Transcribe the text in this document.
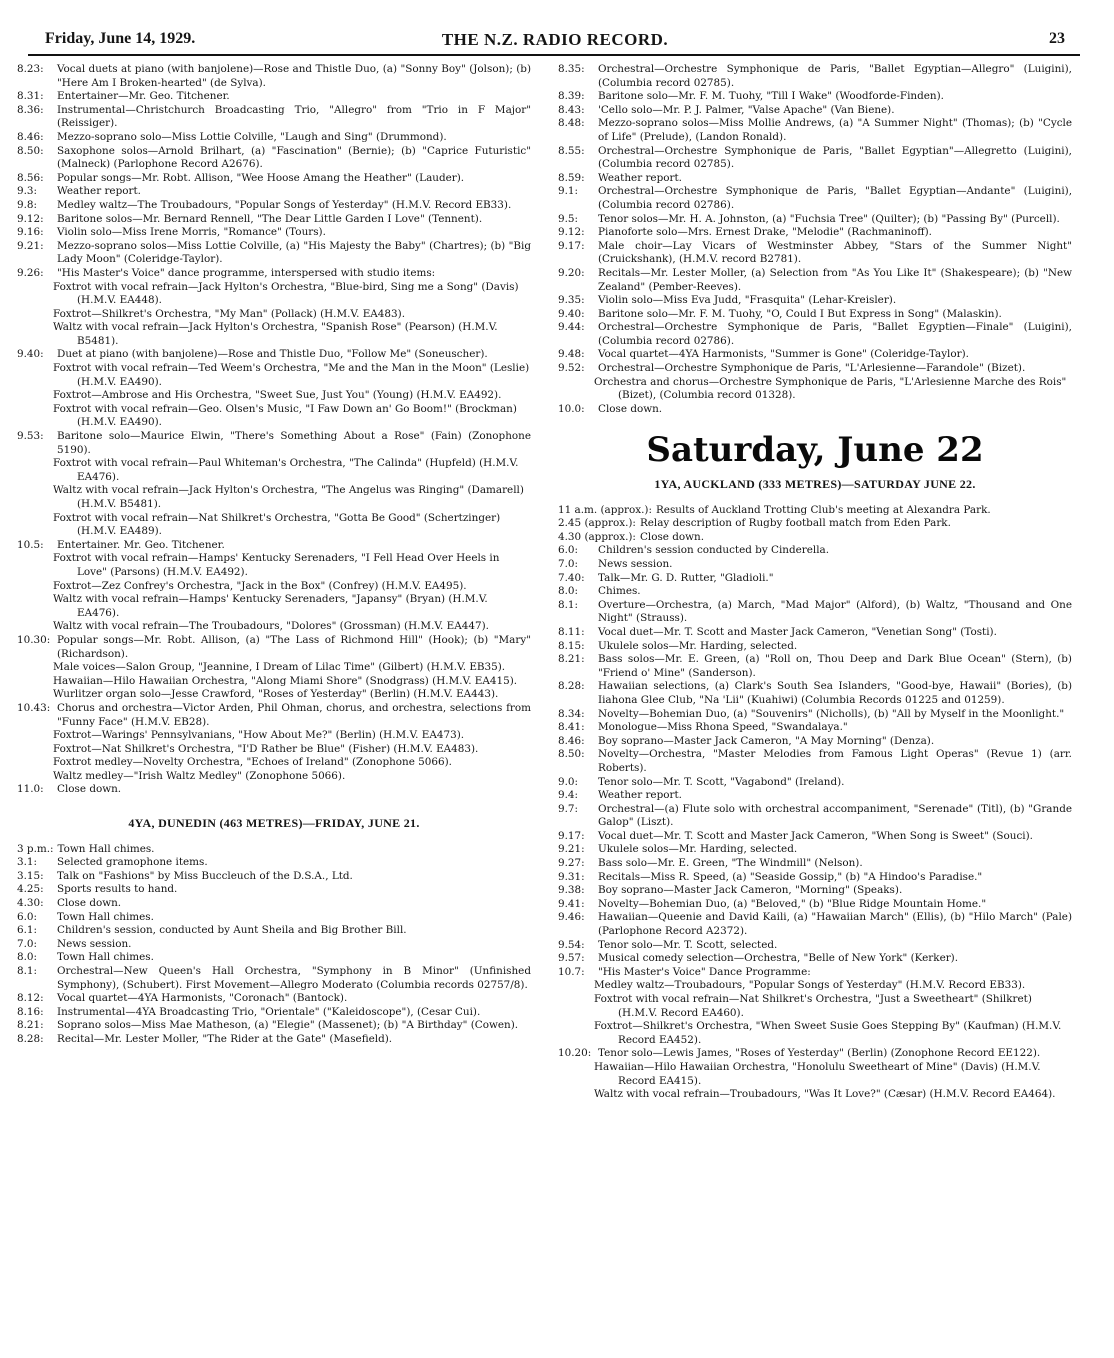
Friday, June 14, 1929.	THE N.Z. RADIO RECORD.	23
8.23:	Vocal duets at piano (with banjolene)—Rose and Thistle Duo, (a) "Sonny Boy" (Jolson); (b) "Here Am I Broken-hearted" (de Sylva).
8.31:	Entertainer—Mr. Geo. Titchener.
8.36:	Instrumental—Christchurch Broadcasting Trio, "Allegro" from "Trio in F Major" (Reissiger).
8.46:	Mezzo-soprano solo—Miss Lottie Colville, "Laugh and Sing" (Drummond).
8.50:	Saxophone solos—Arnold Brilhart, (a) "Fascination" (Bernie); (b) "Caprice Futuristic" (Malneck) (Parlophone Record A2676).
8.56:	Popular songs—Mr. Robt. Allison, "Wee Hoose Amang the Heather" (Lauder).
9.3:	Weather report.
9.8:	Medley waltz—The Troubadours, "Popular Songs of Yesterday" (H.M.V. Record EB33).
9.12:	Baritone solos—Mr. Bernard Rennell, "The Dear Little Garden I Love" (Tennent).
9.16:	Violin solo—Miss Irene Morris, "Romance" (Tours).
9.21:	Mezzo-soprano solos—Miss Lottie Colville, (a) "His Majesty the Baby" (Chartres); (b) "Big Lady Moon" (Coleridge-Taylor).
9.26:	"His Master's Voice" dance programme, interspersed with studio items:
Foxtrot with vocal refrain—Jack Hylton's Orchestra, "Blue-bird, Sing me a Song" (Davis) (H.M.V. EA448).
Foxtrot—Shilkret's Orchestra, "My Man" (Pollack) (H.M.V. EA483).
Waltz with vocal refrain—Jack Hylton's Orchestra, "Spanish Rose" (Pearson) (H.M.V. B5481).
9.40:	Duet at piano (with banjolene)—Rose and Thistle Duo, "Follow Me" (Soneuscher).
Foxtrot with vocal refrain—Ted Weem's Orchestra, "Me and the Man in the Moon" (Leslie) (H.M.V. EA490).
Foxtrot—Ambrose and His Orchestra, "Sweet Sue, Just You" (Young) (H.M.V. EA492).
Foxtrot with vocal refrain—Geo. Olsen's Music, "I Faw Down an' Go Boom!" (Brockman) (H.M.V. EA490).
9.53:	Baritone solo—Maurice Elwin, "There's Something About a Rose" (Fain) (Zonophone 5190).
Foxtrot with vocal refrain—Paul Whiteman's Orchestra, "The Calinda" (Hupfeld) (H.M.V. EA476).
Waltz with vocal refrain—Jack Hylton's Orchestra, "The Angelus was Ringing" (Damarell) (H.M.V. B5481).
Foxtrot with vocal refrain—Nat Shilkret's Orchestra, "Gotta Be Good" (Schertzinger) (H.M.V. EA489).
10.5:	Entertainer. Mr. Geo. Titchener.
Foxtrot with vocal refrain—Hamps' Kentucky Serenaders, "I Fell Head Over Heels in Love" (Parsons) (H.M.V. EA492).
Foxtrot—Zez Confrey's Orchestra, "Jack in the Box" (Confrey) (H.M.V. EA495).
Waltz with vocal refrain—Hamps' Kentucky Serenaders, "Japansy" (Bryan) (H.M.V. EA476).
Waltz with vocal refrain—The Troubadours, "Dolores" (Grossman) (H.M.V. EA447).
10.30: Popular songs—Mr. Robt. Allison, (a) "The Lass of Richmond Hill" (Hook); (b) "Mary" (Richardson).
Male voices—Salon Group, "Jeannine, I Dream of Lilac Time" (Gilbert) (H.M.V. EB35).
Hawaiian—Hilo Hawaiian Orchestra, "Along Miami Shore" (Snodgrass) (H.M.V. EA415).
Wurlitzer organ solo—Jesse Crawford, "Roses of Yesterday" (Berlin) (H.M.V. EA443).
10.43: Chorus and orchestra—Victor Arden, Phil Ohman, chorus, and orchestra, selections from "Funny Face" (H.M.V. EB28).
Foxtrot—Warings' Pennsylvanians, "How About Me?" (Berlin) (H.M.V. EA473).
Foxtrot—Nat Shilkret's Orchestra, "I'D Rather be Blue" (Fisher) (H.M.V. EA483).
Foxtrot medley—Novelty Orchestra, "Echoes of Ireland" (Zonophone 5066).
Waltz medley—"Irish Waltz Medley" (Zonophone 5066).
11.0:	Close down.
4YA, DUNEDIN (463 METRES)—FRIDAY, JUNE 21.
3 p.m.: Town Hall chimes.
3.1:	Selected gramophone items.
3.15:	Talk on "Fashions" by Miss Buccleuch of the D.S.A., Ltd.
4.25:	Sports results to hand.
4.30:	Close down.
6.0:	Town Hall chimes.
6.1:	Children's session, conducted by Aunt Sheila and Big Brother Bill.
7.0:	News session.
8.0:	Town Hall chimes.
8.1:	Orchestral—New Queen's Hall Orchestra, "Symphony in B Minor" (Unfinished Symphony), (Schubert). First Movement—Allegro Moderato (Columbia records 02757/8).
8.12:	Vocal quartet—4YA Harmonists, "Coronach" (Bantock).
8.16:	Instrumental—4YA Broadcasting Trio, "Orientale" ("Kaleidoscope"), (Cesar Cui).
8.21:	Soprano solos—Miss Mae Matheson, (a) "Elegie" (Massenet); (b) "A Birthday" (Cowen).
8.28:	Recital—Mr. Lester Moller, "The Rider at the Gate" (Masefield).
8.35:	Orchestral—Orchestre Symphonique de Paris, "Ballet Egyptian—Allegro" (Luigini), (Columbia record 02785).
8.39:	Baritone solo—Mr. F. M. Tuohy, "Till I Wake" (Woodforde-Finden).
8.43:	'Cello solo—Mr. P. J. Palmer, "Valse Apache" (Van Biene).
8.48:	Mezzo-soprano solos—Miss Mollie Andrews, (a) "A Summer Night" (Thomas); (b) "Cycle of Life" (Prelude), (Landon Ronald).
8.55:	Orchestral—Orchestre Symphonique de Paris, "Ballet Egyptian"—Allegretto (Luigini), (Columbia record 02785).
8.59:	Weather report.
9.1:	Orchestral—Orchestre Symphonique de Paris, "Ballet Egyptian—Andante" (Luigini), (Columbia record 02786).
9.5:	Tenor solos—Mr. H. A. Johnston, (a) "Fuchsia Tree" (Quilter); (b) "Passing By" (Purcell).
9.12:	Pianoforte solo—Mrs. Ernest Drake, "Melodie" (Rachmaninoff).
9.17:	Male choir—Lay Vicars of Westminster Abbey, "Stars of the Summer Night" (Cruickshank), (H.M.V. record B2781).
9.20:	Recitals—Mr. Lester Moller, (a) Selection from "As You Like It" (Shakespeare); (b) "New Zealand" (Pember-Reeves).
9.35:	Violin solo—Miss Eva Judd, "Frasquita" (Lehar-Kreisler).
9.40:	Baritone solo—Mr. F. M. Tuohy, "O, Could I But Express in Song" (Malaskin).
9.44:	Orchestral—Orchestre Symphonique de Paris, "Ballet Egyptien—Finale" (Luigini), (Columbia record 02786).
9.48:	Vocal quartet—4YA Harmonists, "Summer is Gone" (Coleridge-Taylor).
9.52:	Orchestral—Orchestre Symphonique de Paris, "L'Arlesienne—Farandole" (Bizet).
Orchestra and chorus—Orchestre Symphonique de Paris, "L'Arlesienne Marche des Rois" (Bizet), (Columbia record 01328).
10.0:	Close down.
Saturday, June 22
1YA, AUCKLAND (333 METRES)—SATURDAY JUNE 22.
11 a.m. (approx.): Results of Auckland Trotting Club's meeting at Alexandra Park.
2.45 (approx.): Relay description of Rugby football match from Eden Park.
4.30 (approx.): Close down.
6.0:	Children's session conducted by Cinderella.
7.0:	News session.
7.40:	Talk—Mr. G. D. Rutter, "Gladioli."
8.0:	Chimes.
8.1:	Overture—Orchestra, (a) March, "Mad Major" (Alford), (b) Waltz, "Thousand and One Night" (Strauss).
8.11:	Vocal duet—Mr. T. Scott and Master Jack Cameron, "Venetian Song" (Tosti).
8.15:	Ukulele solos—Mr. Harding, selected.
8.21:	Bass solos—Mr. E. Green, (a) "Roll on, Thou Deep and Dark Blue Ocean" (Stern), (b) "Friend o' Mine" (Sanderson).
8.28:	Hawaiian selections, (a) Clark's South Sea Islanders, "Good-bye, Hawaii" (Bories), (b) Iiahona Glee Club, "Na 'Lii" (Kuahiwi) (Columbia Records 01225 and 01259).
8.34:	Novelty—Bohemian Duo, (a) "Souvenirs" (Nicholls), (b) "All by Myself in the Moonlight."
8.41:	Monologue—Miss Rhona Speed, "Swandalaya."
8.46:	Boy soprano—Master Jack Cameron, "A May Morning" (Denza).
8.50:	Novelty—Orchestra, "Master Melodies from Famous Light Operas" (Revue 1) (arr. Roberts).
9.0:	Tenor solo—Mr. T. Scott, "Vagabond" (Ireland).
9.4:	Weather report.
9.7:	Orchestral—(a) Flute solo with orchestral accompaniment, "Serenade" (Titl), (b) "Grande Galop" (Liszt).
9.17:	Vocal duet—Mr. T. Scott and Master Jack Cameron, "When Song is Sweet" (Souci).
9.21:	Ukulele solos—Mr. Harding, selected.
9.27:	Bass solo—Mr. E. Green, "The Windmill" (Nelson).
9.31:	Recitals—Miss R. Speed, (a) "Seaside Gossip," (b) "A Hindoo's Paradise."
9.38:	Boy soprano—Master Jack Cameron, "Morning" (Speaks).
9.41:	Novelty—Bohemian Duo, (a) "Beloved," (b) "Blue Ridge Mountain Home."
9.46:	Hawaiian—Queenie and David Kaili, (a) "Hawaiian March" (Ellis), (b) "Hilo March" (Pale) (Parlophone Record A2372).
9.54:	Tenor solo—Mr. T. Scott, selected.
9.57:	Musical comedy selection—Orchestra, "Belle of New York" (Kerker).
10.7:	"His Master's Voice" Dance Programme:
Medley waltz—Troubadours, "Popular Songs of Yesterday" (H.M.V. Record EB33).
Foxtrot with vocal refrain—Nat Shilkret's Orchestra, "Just a Sweetheart" (Shilkret) (H.M.V. Record EA460).
Foxtrot—Shilkret's Orchestra, "When Sweet Susie Goes Stepping By" (Kaufman) (H.M.V. Record EA452).
10.20: Tenor solo—Lewis James, "Roses of Yesterday" (Berlin) (Zonophone Record EE122).
Hawaiian—Hilo Hawaiian Orchestra, "Honolulu Sweetheart of Mine" (Davis) (H.M.V. Record EA415).
Waltz with vocal refrain—Troubadours, "Was It Love?" (Cæsar) (H.M.V. Record EA464).
